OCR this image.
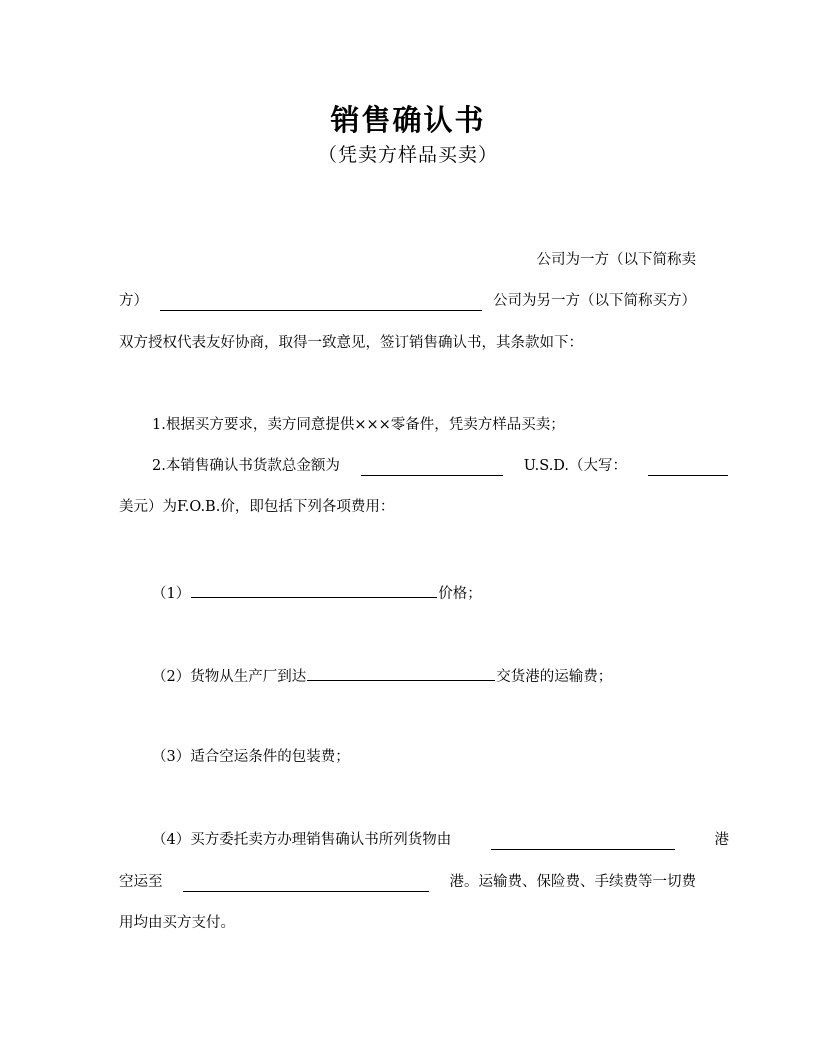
销售确认书
（凭卖方样品买卖）
公司为一方（以下简称卖
方）	公司为另一方（以下简称买方）
双方授权代表友好协商，取得一致意见，签订销售确认书，其条款如下：
1.根据买方要求，卖方同意提供×××零备件，凭卖方样品买卖；
2.本销售确认书货款总金额为	U.S.D.（大写：
美元）为F.O.B.价，即包括下列各项费用：
（1）	价格；
（2）货物从生产厂到达	交货港的运输费；
（3）适合空运条件的包装费；
（4）买方委托卖方办理销售确认书所列货物由	港
空运至	港。运输费、保险费、手续费等一切费
用均由买方支付。
